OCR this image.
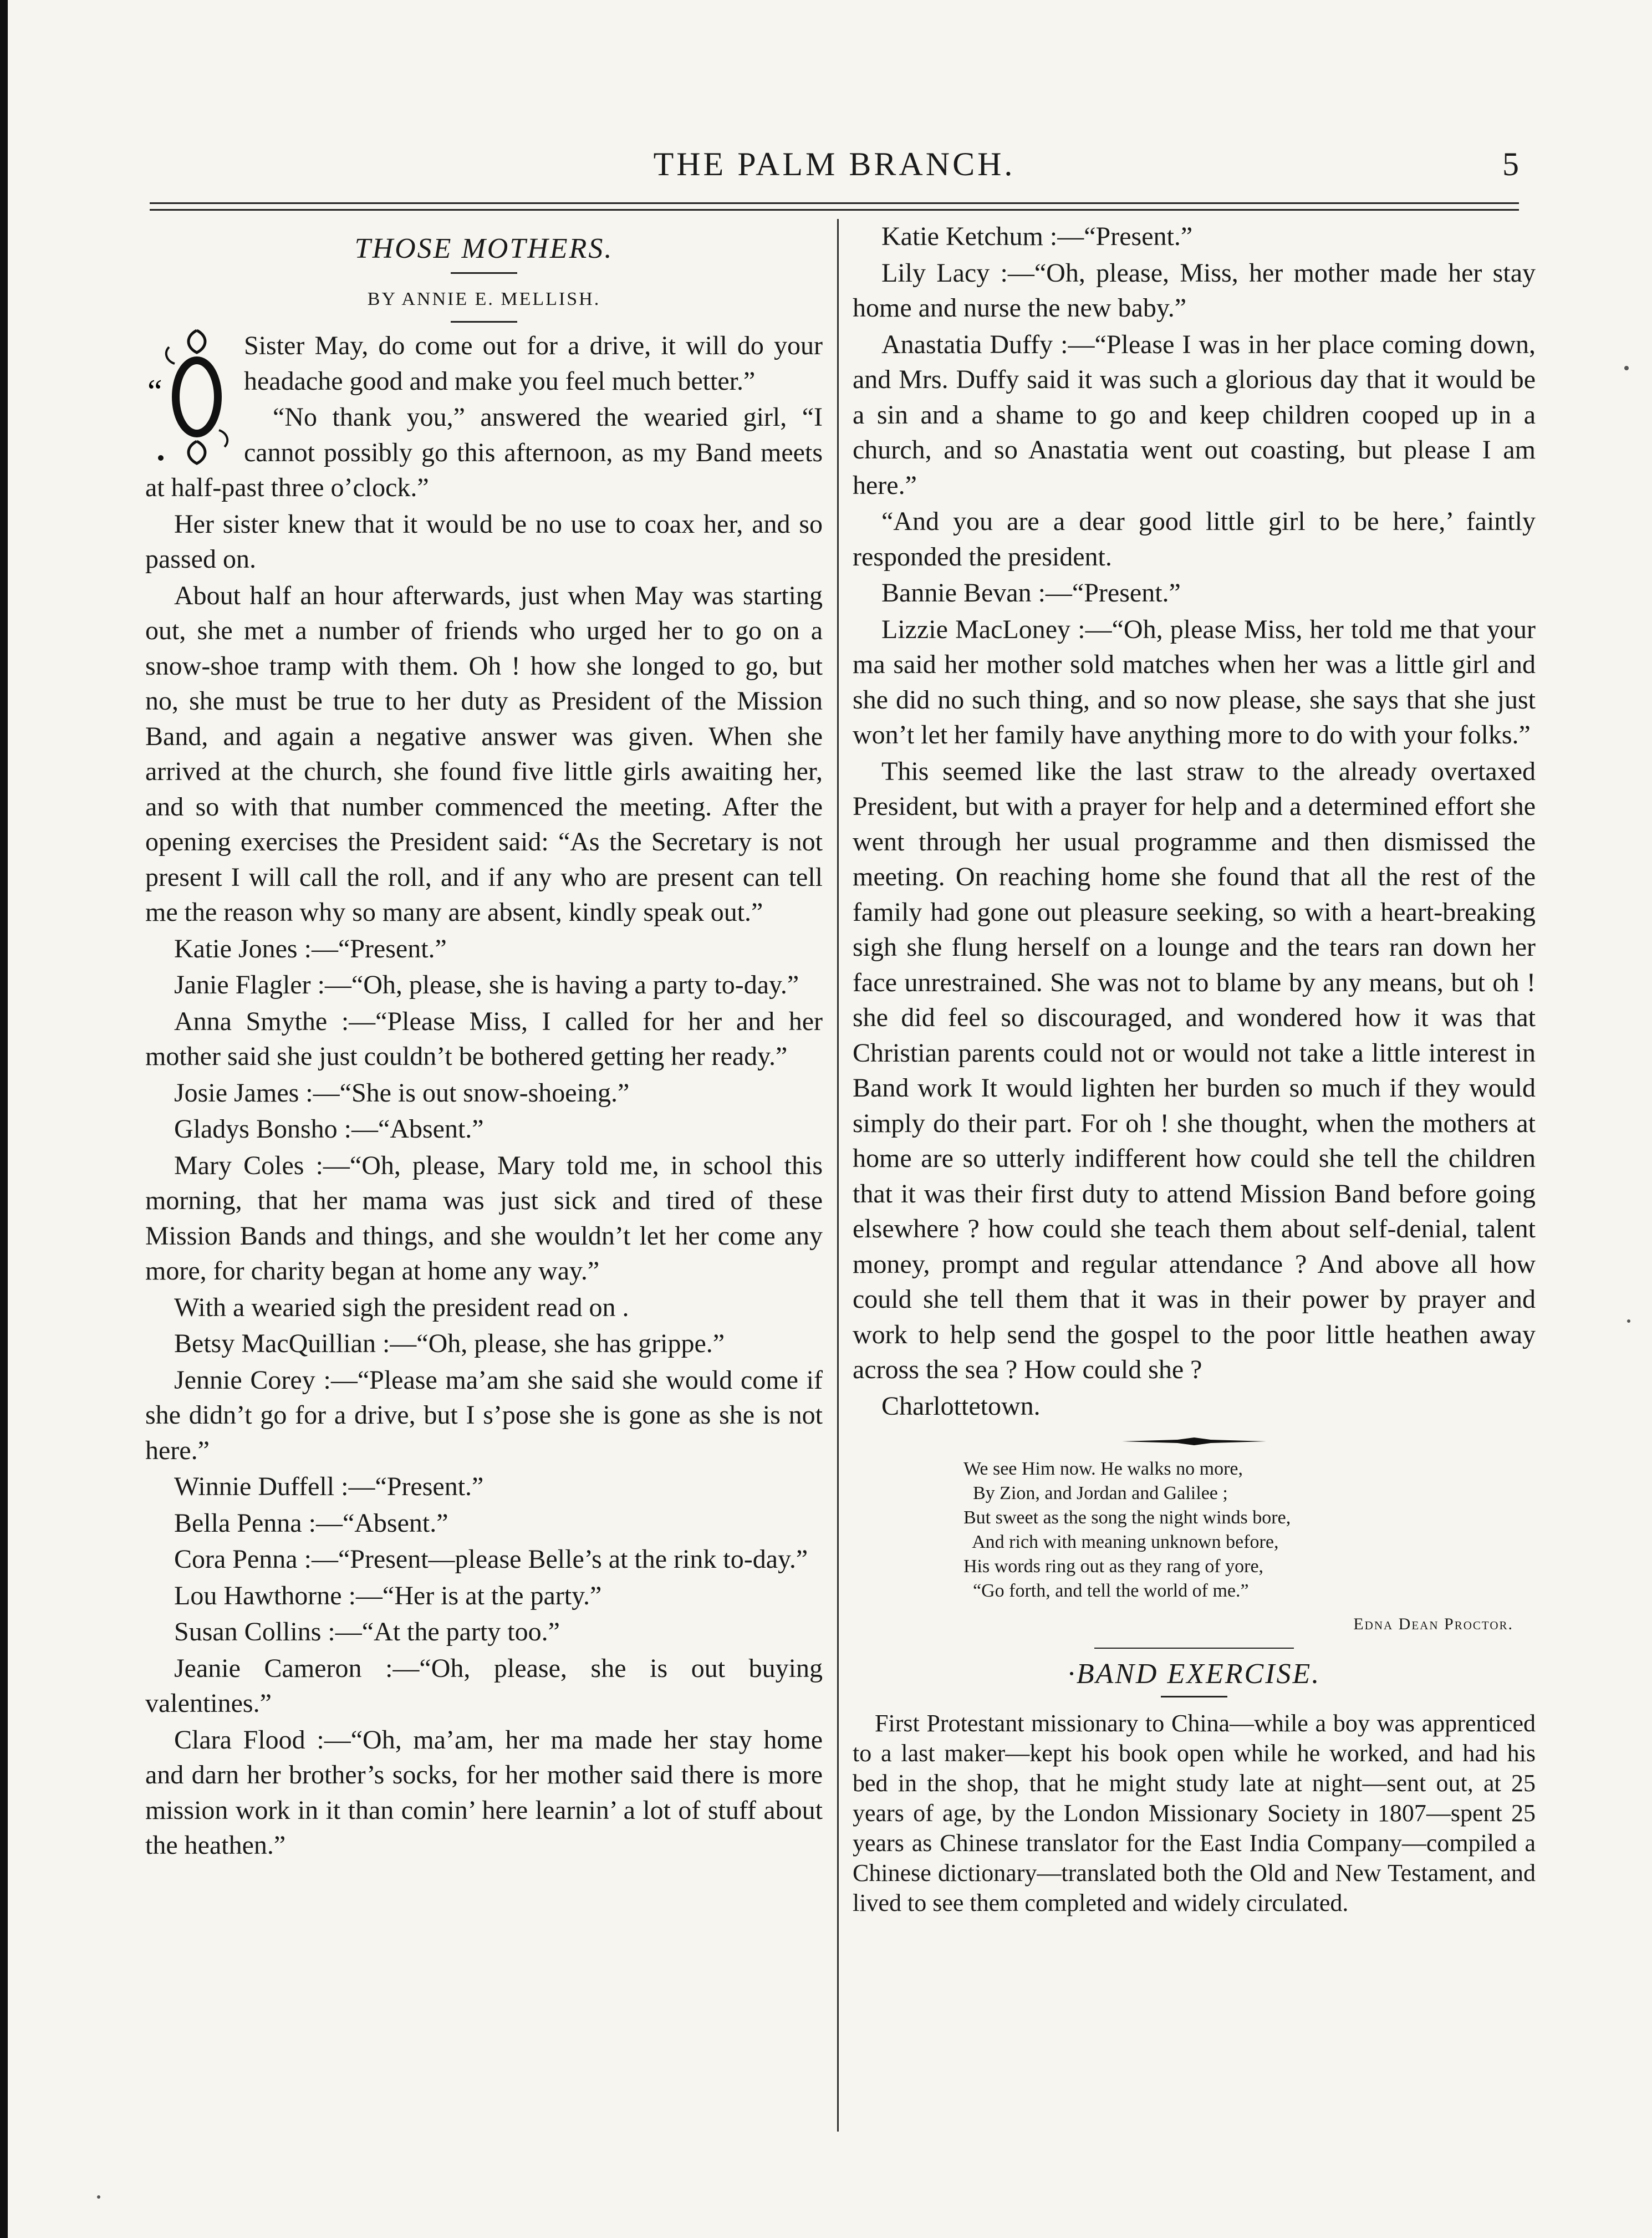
THE PALM BRANCH.	5
THOSE MOTHERS.
BY ANNIE E. MELLISH.
“

Sister May, do come out for a drive, it will do your headache good and make you feel much better.”

“No thank you,” answered the wearied girl, “I cannot possibly go this afternoon, as my Band meets at half-past three o’clock.”

Her sister knew that it would be no use to coax her, and so passed on.

About half an hour afterwards, just when May was starting out, she met a number of friends who urged her to go on a snow-shoe tramp with them. Oh ! how she longed to go, but no, she must be true to her duty as President of the Mission Band, and again a negative answer was given. When she arrived at the church, she found five little girls awaiting her, and so with that number commenced the meeting. After the opening exercises the President said: “As the Secretary is not present I will call the roll, and if any who are present can tell me the reason why so many are absent, kindly speak out.”

Katie Jones :—“Present.”

Janie Flagler :—“Oh, please, she is having a party to-day.”

Anna Smythe :—“Please Miss, I called for her and her mother said she just couldn’t be bothered getting her ready.”

Josie James :—“She is out snow-shoeing.”

Gladys Bonsho :—“Absent.”

Mary Coles :—“Oh, please, Mary told me, in school this morning, that her mama was just sick and tired of these Mission Bands and things, and she wouldn’t let her come any more, for charity began at home any way.”

With a wearied sigh the president read on .

Betsy MacQuillian :—“Oh, please, she has grippe.”

Jennie Corey :—“Please ma’am she said she would come if she didn’t go for a drive, but I s’pose she is gone as she is not here.”

Winnie Duffell :—“Present.”

Bella Penna :—“Absent.”

Cora Penna :—“Present—please Belle’s at the rink to-day.”

Lou Hawthorne :—“Her is at the party.”

Susan Collins :—“At the party too.”

Jeanie Cameron :—“Oh, please, she is out buying valentines.”

Clara Flood :—“Oh, ma’am, her ma made her stay home and darn her brother’s socks, for her mother said there is more mission work in it than comin’ here learnin’ a lot of stuff about the heathen.”

Katie Ketchum :—“Present.”

Lily Lacy :—“Oh, please, Miss, her mother made her stay home and nurse the new baby.”

Anastatia Duffy :—“Please I was in her place coming down, and Mrs. Duffy said it was such a glorious day that it would be a sin and a shame to go and keep children cooped up in a church, and so Anastatia went out coasting, but please I am here.”

“And you are a dear good little girl to be here,’ faintly responded the president.

Bannie Bevan :—“Present.”

Lizzie MacLoney :—“Oh, please Miss, her told me that your ma said her mother sold matches when her was a little girl and she did no such thing, and so now please, she says that she just won’t let her family have anything more to do with your folks.”

This seemed like the last straw to the already overtaxed President, but with a prayer for help and a determined effort she went through her usual programme and then dismissed the meeting. On reaching home she found that all the rest of the family had gone out pleasure seeking, so with a heart-breaking sigh she flung herself on a lounge and the tears ran down her face unrestrained. She was not to blame by any means, but oh ! she did feel so discouraged, and wondered how it was that Christian parents could not or would not take a little interest in Band work It would lighten her burden so much if they would simply do their part. For oh ! she thought, when the mothers at home are so utterly indifferent how could she tell the children that it was their first duty to attend Mission Band before going elsewhere ? how could she teach them about self-denial, talent money, prompt and regular attendance ? And above all how could she tell them that it was in their power by prayer and work to help send the gospel to the poor little heathen away across the sea ? How could she ?

Charlottetown.

We see Him now. He walks no more,
By Zion, and Jordan and Galilee ;
But sweet as the song the night winds bore,
And rich with meaning unknown before,
His words ring out as they rang of yore,
“Go forth, and tell the world of me.”
Edna Dean Proctor.
·BAND EXERCISE.
First Protestant missionary to China—while a boy was apprenticed to a last maker—kept his book open while he worked, and had his bed in the shop, that he might study late at night—sent out, at 25 years of age, by the London Missionary Society in 1807—spent 25 years as Chinese translator for the East India Company—compiled a Chinese dictionary—translated both the Old and New Testament, and lived to see them completed and widely circulated.
